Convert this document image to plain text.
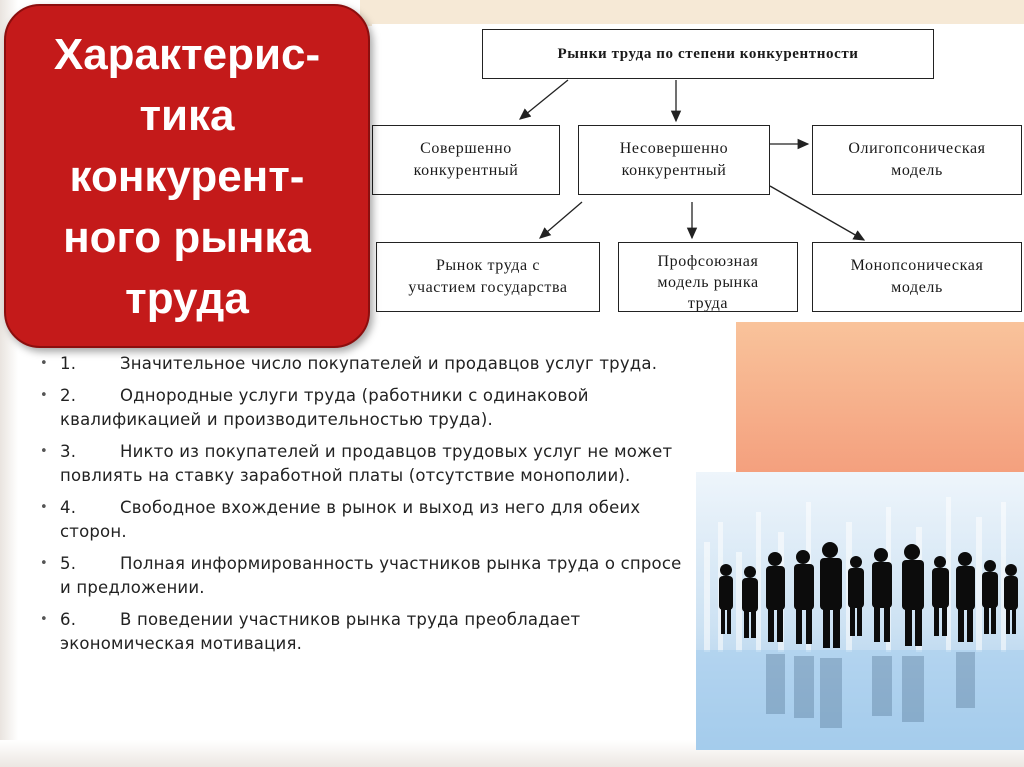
Рынки труда по степени конкурентности
Совершенно
конкурентный
Несовершенно
конкурентный
Олигопсоническая
модель
Рынок труда с
участием государства
Профсоюзная
модель рынка
труда
Монопсоническая
модель
Характерис-
тика
конкурент-
ного рынка
труда
• 1.	Значительное число покупателей и продавцов услуг труда.
• 2.	Однородные услуги труда (работники с одинаковой квалификацией и производительностью труда).
• 3.	Никто из покупателей и продавцов трудовых услуг не может повлиять на ставку заработной платы (отсутствие монополии).
• 4.	Свободное вхождение в рынок и выход из него для обеих сторон.
• 5.	Полная информированность участников рынка труда о спросе и предложении.
• 6.	В поведении участников рынка труда преобладает экономическая мотивация.
